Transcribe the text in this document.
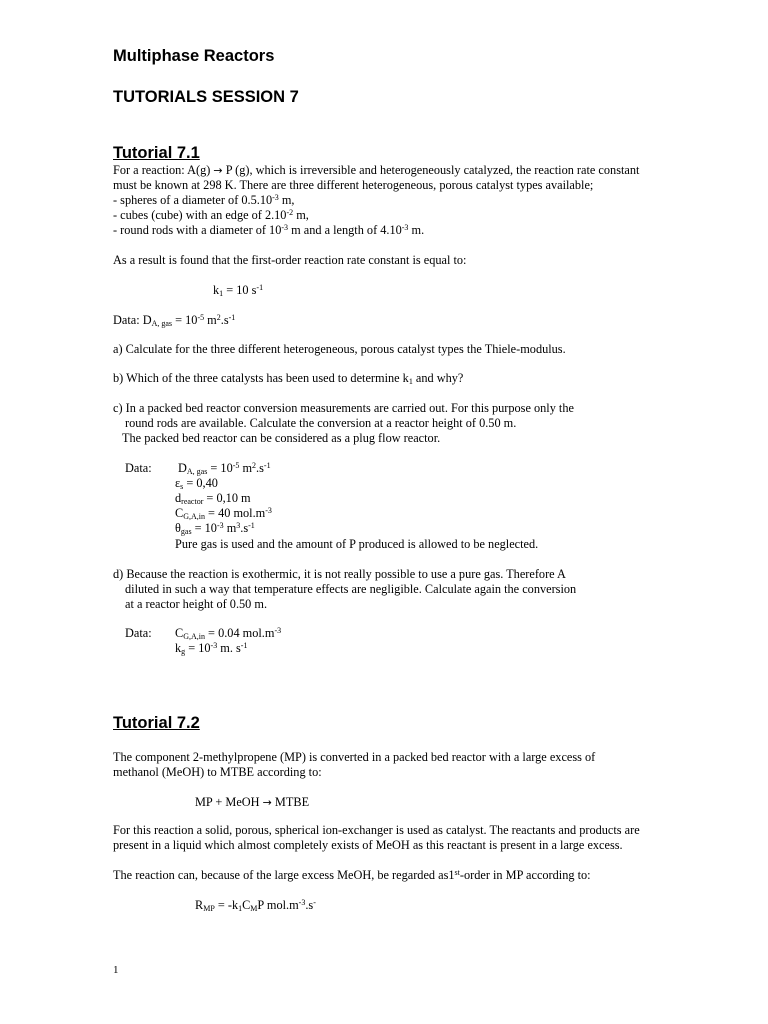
Multiphase Reactors
TUTORIALS SESSION 7
Tutorial 7.1
For a reaction: A(g) → P (g), which is irreversible and heterogeneously catalyzed, the reaction rate constant
must be known at 298 K. There are three different heterogeneous, porous catalyst types available;
- spheres of a diameter of $0.5.10^{-3}$ m,
- cubes (cube) with an edge of $2.10^{-2}$ m,
- round rods with a diameter of $10^{-3}$ m and a length of $4.10^{-3}$ m.
As a result is found that the first-order reaction rate constant is equal to:
$k_1 = 10$ $s^{-1}$
Data: $D_{A, gas} = 10^{-5}$ $m^2.s^{-1}$
a) Calculate for the three different heterogeneous, porous catalyst types the Thiele-modulus.
b) Which of the three catalysts has been used to determine $k_1$ and why?
c) In a packed bed reactor conversion measurements are carried out. For this purpose only the
round rods are available. Calculate the conversion at a reactor height of 0.50 m.
The packed bed reactor can be considered as a plug flow reactor.
Data: $D_{A, gas} = 10^{-5}$ $m^2.s^{-1}$
$\varepsilon_s = 0,40$
$d_{reactor} = 0,10$ m
$C_{G,A,in} = 40$ $mol.m^{-3}$
$\theta_{gas} = 10^{-3}$ $m^3.s^{-1}$
Pure gas is used and the amount of P produced is allowed to be neglected.
d) Because the reaction is exothermic, it is not really possible to use a pure gas. Therefore A
diluted in such a way that temperature effects are negligible. Calculate again the conversion
at a reactor height of 0.50 m.
Data: $C_{G,A,in} = 0.04$ $mol.m^{-3}$
$k_g = 10^{-3}$ m. $s^{-1}$
Tutorial 7.2
The component 2-methylpropene (MP) is converted in a packed bed reactor with a large excess of
methanol (MeOH) to MTBE according to:
MP + MeOH → MTBE
For this reaction a solid, porous, spherical ion-exchanger is used as catalyst. The reactants and products are
present in a liquid which almost completely exists of MeOH as this reactant is present in a large excess.
The reaction can, because of the large excess MeOH, be regarded as1st-order in MP according to:
$R_{MP} = -k_1C_MP$ $mol.m^{-3}.s^-$
1
